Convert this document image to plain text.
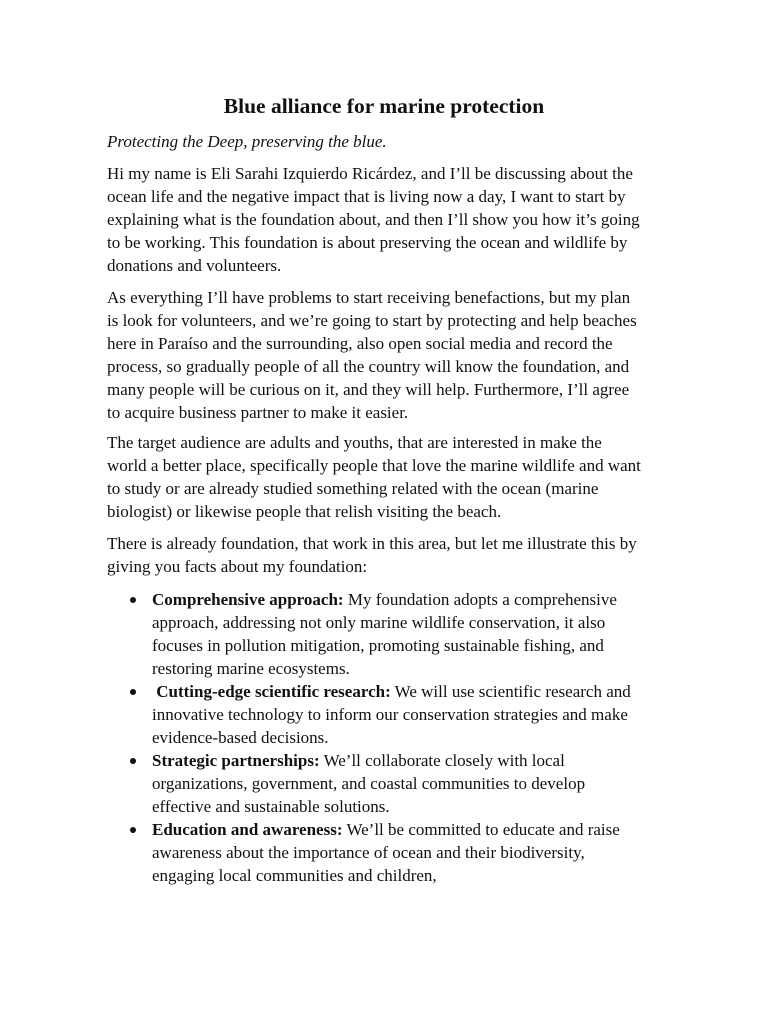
Blue alliance for marine protection

Protecting the Deep, preserving the blue.

Hi my name is Eli Sarahi Izquierdo Ricárdez, and I’ll be discussing about the
ocean life and the negative impact that is living now a day, I want to start by
explaining what is the foundation about, and then I’ll show you how it’s going
to be working. This foundation is about preserving the ocean and wildlife by
donations and volunteers.

As everything I’ll have problems to start receiving benefactions, but my plan
is look for volunteers, and we’re going to start by protecting and help beaches
here in Paraíso and the surrounding, also open social media and record the
process, so gradually people of all the country will know the foundation, and
many people will be curious on it, and they will help. Furthermore, I’ll agree
to acquire business partner to make it easier.

The target audience are adults and youths, that are interested in make the
world a better place, specifically people that love the marine wildlife and want
to study or are already studied something related with the ocean (marine
biologist) or likewise people that relish visiting the beach.

There is already foundation, that work in this area, but let me illustrate this by
giving you facts about my foundation:

Comprehensive approach: My foundation adopts a comprehensive
approach, addressing not only marine wildlife conservation, it also
focuses in pollution mitigation, promoting sustainable fishing, and
restoring marine ecosystems.
Cutting-edge scientific research: We will use scientific research and
innovative technology to inform our conservation strategies and make
evidence-based decisions.
Strategic partnerships: We’ll collaborate closely with local
organizations, government, and coastal communities to develop
effective and sustainable solutions.
Education and awareness: We’ll be committed to educate and raise
awareness about the importance of ocean and their biodiversity,
engaging local communities and children,
